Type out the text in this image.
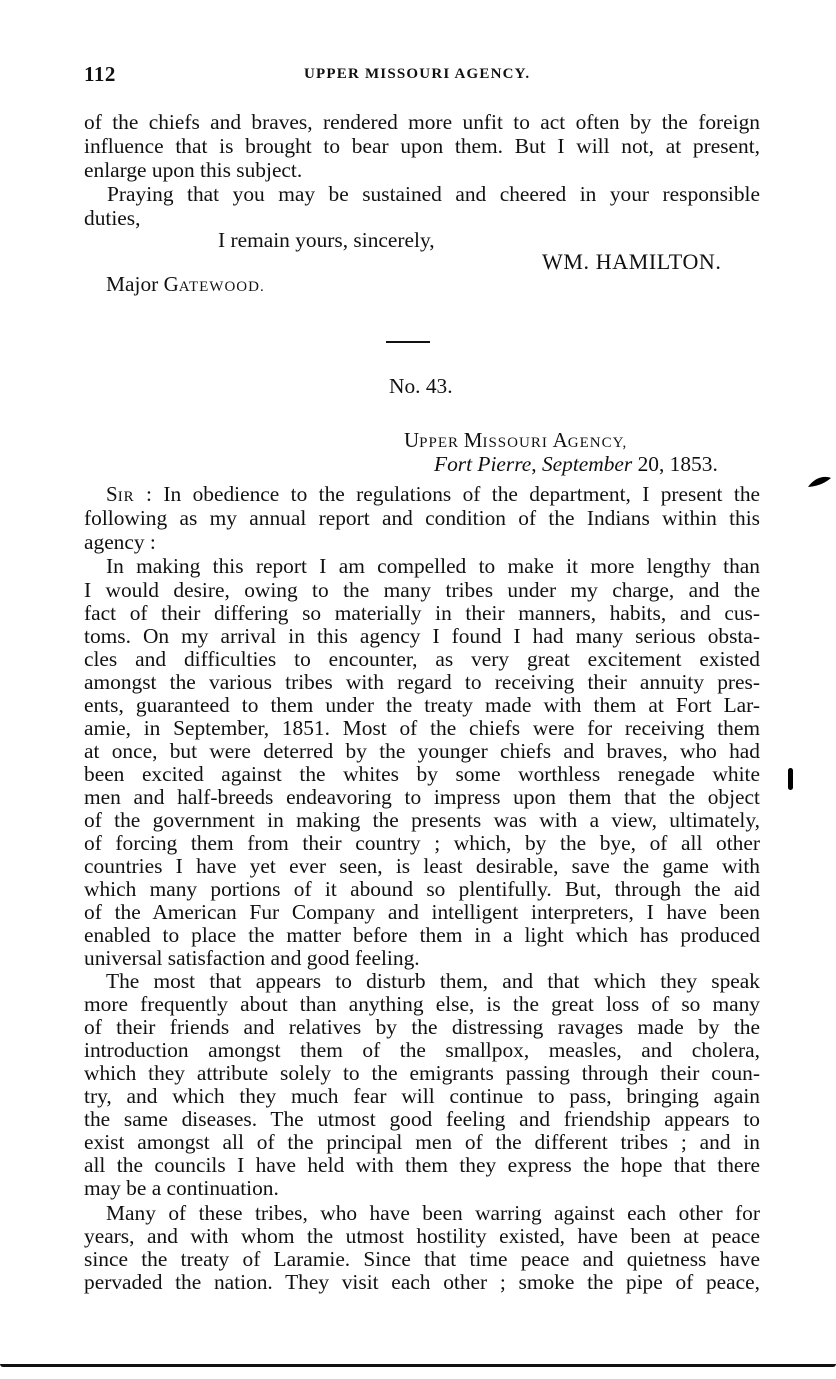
112	UPPER MISSOURI AGENCY.
of the chiefs and braves, rendered more unfit to act often by the foreign
influence that is brought to bear upon them. But I will not, at present,
enlarge upon this subject.
Praying that you may be sustained and cheered in your responsible
duties,
I remain yours, sincerely,
WM. HAMILTON.
Major GATEWOOD.
No. 43.
UPPER MISSOURI AGENCY,
Fort Pierre, September 20, 1853.
SIR : In obedience to the regulations of the department, I present the
following as my annual report and condition of the Indians within this
agency :
In making this report I am compelled to make it more lengthy than
I would desire, owing to the many tribes under my charge, and the
fact of their differing so materially in their manners, habits, and cus-
toms. On my arrival in this agency I found I had many serious obsta-
cles and difficulties to encounter, as very great excitement existed
amongst the various tribes with regard to receiving their annuity pres-
ents, guaranteed to them under the treaty made with them at Fort Lar-
amie, in September, 1851. Most of the chiefs were for receiving them
at once, but were deterred by the younger chiefs and braves, who had
been excited against the whites by some worthless renegade white
men and half-breeds endeavoring to impress upon them that the object
of the government in making the presents was with a view, ultimately,
of forcing them from their country ; which, by the bye, of all other
countries I have yet ever seen, is least desirable, save the game with
which many portions of it abound so plentifully. But, through the aid
of the American Fur Company and intelligent interpreters, I have been
enabled to place the matter before them in a light which has produced
universal satisfaction and good feeling.
The most that appears to disturb them, and that which they speak
more frequently about than anything else, is the great loss of so many
of their friends and relatives by the distressing ravages made by the
introduction amongst them of the smallpox, measles, and cholera,
which they attribute solely to the emigrants passing through their coun-
try, and which they much fear will continue to pass, bringing again
the same diseases. The utmost good feeling and friendship appears to
exist amongst all of the principal men of the different tribes ; and in
all the councils I have held with them they express the hope that there
may be a continuation.
Many of these tribes, who have been warring against each other for
years, and with whom the utmost hostility existed, have been at peace
since the treaty of Laramie. Since that time peace and quietness have
pervaded the nation. They visit each other ; smoke the pipe of peace,
